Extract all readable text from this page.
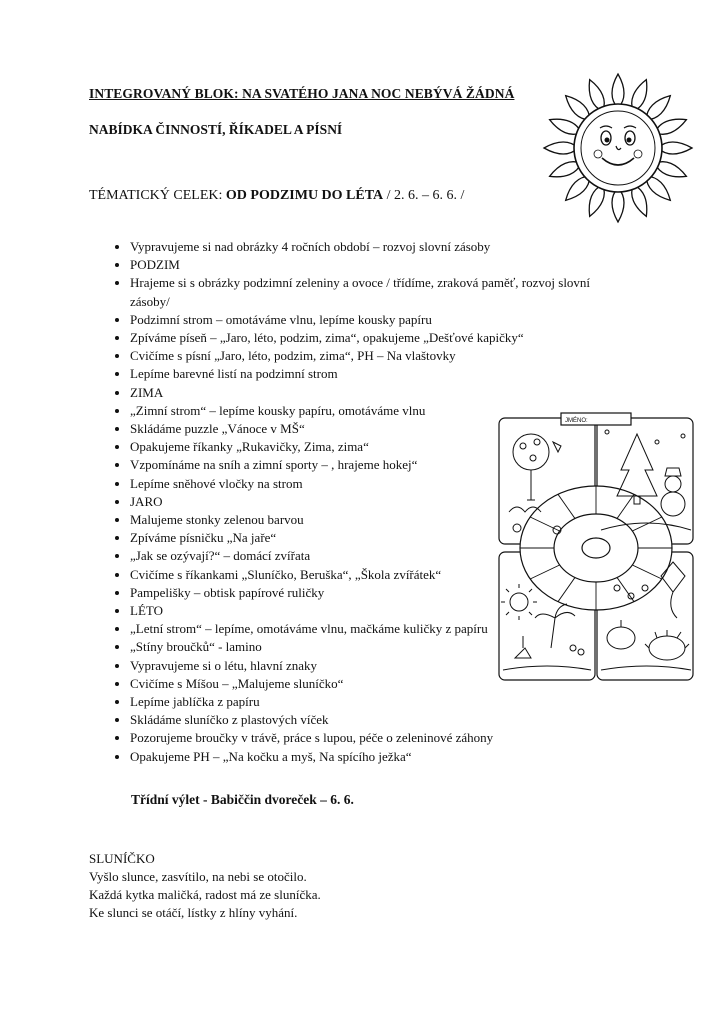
INTEGROVANÝ BLOK: NA SVATÉHO JANA NOC NEBÝVÁ ŽÁDNÁ
NABÍDKA ČINNOSTÍ, ŘÍKADEL A PÍSNÍ
TÉMATICKÝ CELEK: OD PODZIMU DO LÉTA / 2. 6. – 6. 6. /
• Vypravujeme si nad obrázky 4 ročních období – rozvoj slovní zásoby
• PODZIM
• Hrajeme si s obrázky podzimní zeleniny a ovoce / třídíme, zraková paměť, rozvoj slovní zásoby/
• Podzimní strom – omotáváme vlnu, lepíme kousky papíru
• Zpíváme píseň – „Jaro, léto, podzim, zima“, opakujeme „Dešťové kapičky“
• Cvičíme s písní „Jaro, léto, podzim, zima“, PH – Na vlaštovky
• Lepíme barevné listí na podzimní strom
• ZIMA
• „Zimní strom“ – lepíme kousky papíru, omotáváme vlnu
• Skládáme puzzle „Vánoce v MŠ“
• Opakujeme říkanky „Rukavičky, Zima, zima“
• Vzpomínáme na sníh a zimní sporty – , hrajeme hokej“
• Lepíme sněhové vločky na strom
• JARO
• Malujeme stonky zelenou barvou
• Zpíváme písničku „Na jaře“
• „Jak se ozývají?“ – domácí zvířata
• Cvičíme s říkankami „Sluníčko, Beruška“, „Škola zvířátek“
• Pampelišky – obtisk papírové ruličky
• LÉTO
• „Letní strom“ – lepíme, omotáváme vlnu, mačkáme kuličky z papíru
• „Stíny broučků“ - lamino
• Vypravujeme si o létu, hlavní znaky
• Cvičíme s Míšou – „Malujeme sluníčko“
• Lepíme jablíčka z papíru
• Skládáme sluníčko z plastových víček
• Pozorujeme broučky v trávě, práce s lupou, péče o zeleninové záhony
• Opakujeme PH – „Na kočku a myš, Na spícího ježka“
JMÉNO:
Třídní výlet - Babiččin dvoreček – 6. 6.
SLUNÍČKO
Vyšlo slunce, zasvítilo, na nebi se otočilo.
Každá kytka maličká, radost má ze sluníčka.
Ke slunci se otáčí, lístky z hlíny vyhání.
